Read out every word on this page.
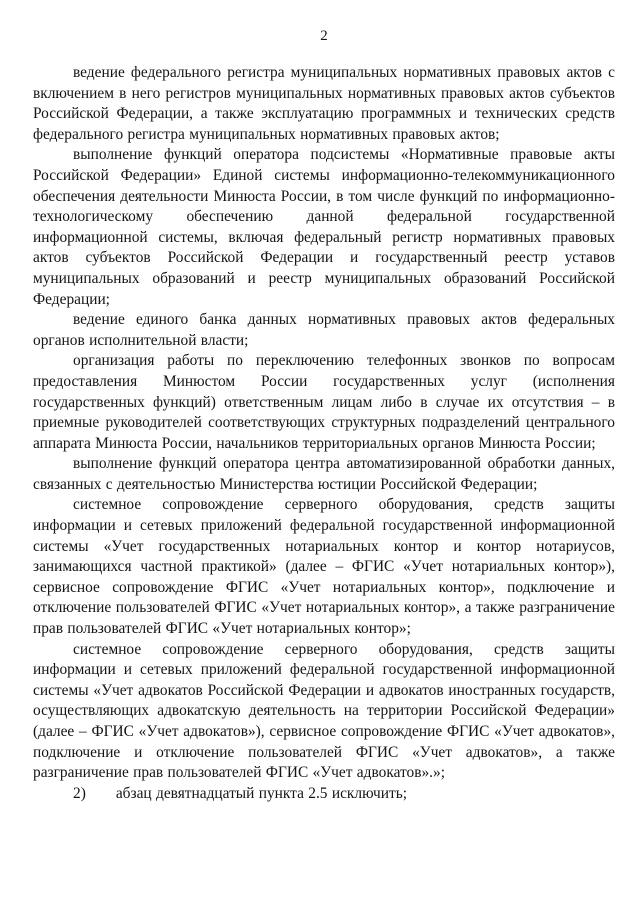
2

ведение федерального регистра муниципальных нормативных правовых актов с включением в него регистров муниципальных нормативных правовых актов субъектов Российской Федерации, а также эксплуатацию программных и технических средств федерального регистра муниципальных нормативных правовых актов;

выполнение функций оператора подсистемы «Нормативные правовые акты Российской Федерации» Единой системы информационно-телекоммуникационного обеспечения деятельности Минюста России, в том числе функций по информационно-технологическому обеспечению данной федеральной государственной информационной системы, включая федеральный регистр нормативных правовых актов субъектов Российской Федерации и государственный реестр уставов муниципальных образований и реестр муниципальных образований Российской Федерации;

ведение единого банка данных нормативных правовых актов федеральных органов исполнительной власти;

организация работы по переключению телефонных звонков по вопросам предоставления Минюстом России государственных услуг (исполнения государственных функций) ответственным лицам либо в случае их отсутствия – в приемные руководителей соответствующих структурных подразделений центрального аппарата Минюста России, начальников территориальных органов Минюста России;

выполнение функций оператора центра автоматизированной обработки данных, связанных с деятельностью Министерства юстиции Российской Федерации;

системное сопровождение серверного оборудования, средств защиты информации и сетевых приложений федеральной государственной информационной системы «Учет государственных нотариальных контор и контор нотариусов, занимающихся частной практикой» (далее – ФГИС «Учет нотариальных контор»), сервисное сопровождение ФГИС «Учет нотариальных контор», подключение и отключение пользователей ФГИС «Учет нотариальных контор», а также разграничение прав пользователей ФГИС «Учет нотариальных контор»;

системное сопровождение серверного оборудования, средств защиты информации и сетевых приложений федеральной государственной информационной системы «Учет адвокатов Российской Федерации и адвокатов иностранных государств, осуществляющих адвокатскую деятельность на территории Российской Федерации» (далее – ФГИС «Учет адвокатов»), сервисное сопровождение ФГИС «Учет адвокатов», подключение и отключение пользователей ФГИС «Учет адвокатов», а также разграничение прав пользователей ФГИС «Учет адвокатов».»;

2) абзац девятнадцатый пункта 2.5 исключить;
